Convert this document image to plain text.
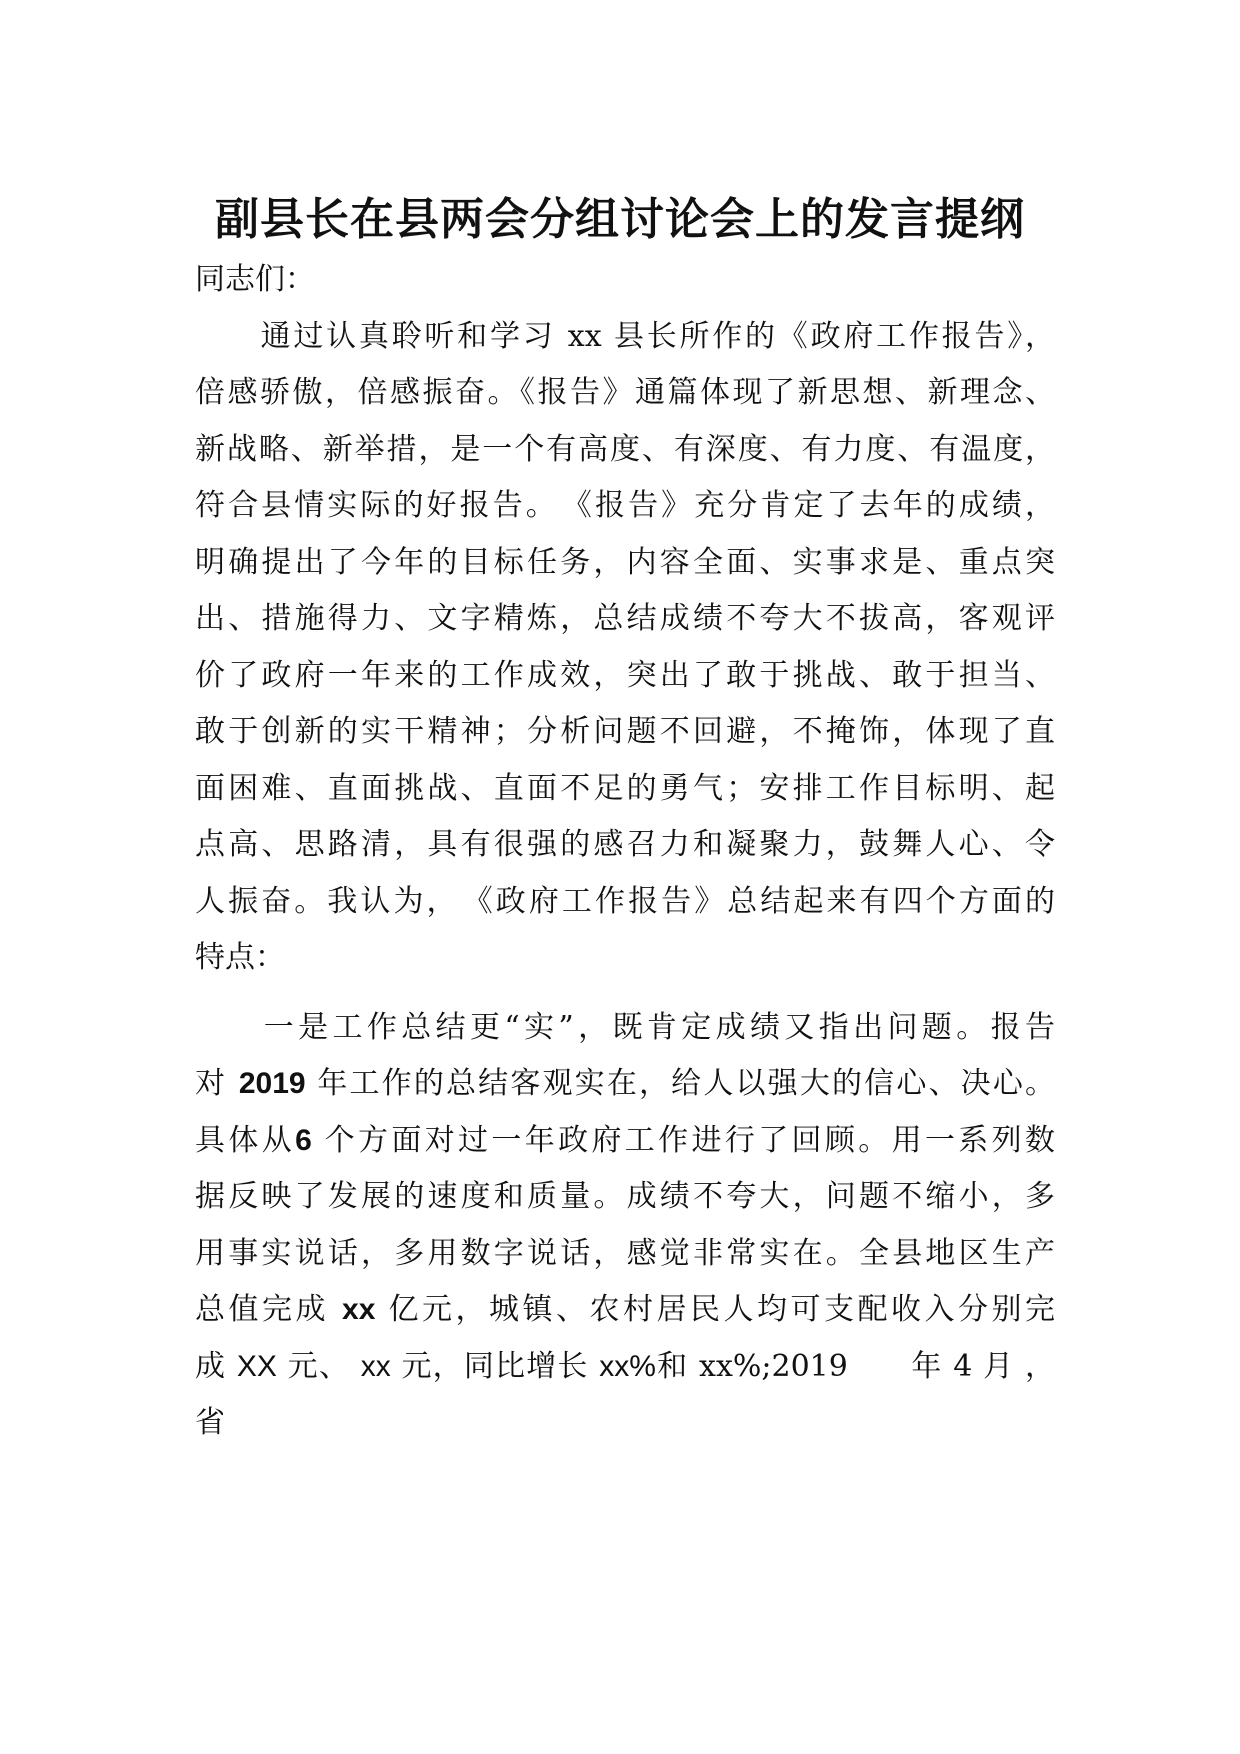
副县长在县两会分组讨论会上的发言提纲
同志们：
　　通过认真聆听和学习 xx 县长所作的《政府工作报告》，
倍感骄傲，倍感振奋。《报告》通篇体现了新思想、新理念、
新战略、新举措，是一个有高度、有深度、有力度、有温度，
符合县情实际的好报告。　《报告》充分肯定了去年的成绩，
明确提出了今年的目标任务，内容全面、实事求是、重点突
出、措施得力、文字精炼，总结成绩不夸大不拔高，客观评
价了政府一年来的工作成效，突出了敢于挑战、敢于担当、
敢于创新的实干精神；分析问题不回避，不掩饰，体现了直
面困难、直面挑战、直面不足的勇气；安排工作目标明、起
点高、思路清，具有很强的感召力和凝聚力，鼓舞人心、令
人振奋。我认为，　《政府工作报告》总结起来有四个方面的
特点：
　　一是工作总结更“实”，既肯定成绩又指出问题。报告
对 2019 年工作的总结客观实在，给人以强大的信心、决心。
具体从6 个方面对过一年政府工作进行了回顾。用一系列数
据反映了发展的速度和质量。成绩不夸大，问题不缩小，多
用事实说话，多用数字说话，感觉非常实在。全县地区生产
总值完成 xx 亿元，城镇、农村居民人均可支配收入分别完
成 XX 元、 xx 元，同比增长 xx%和 xx%;2019　　年 4 月 ，
省
